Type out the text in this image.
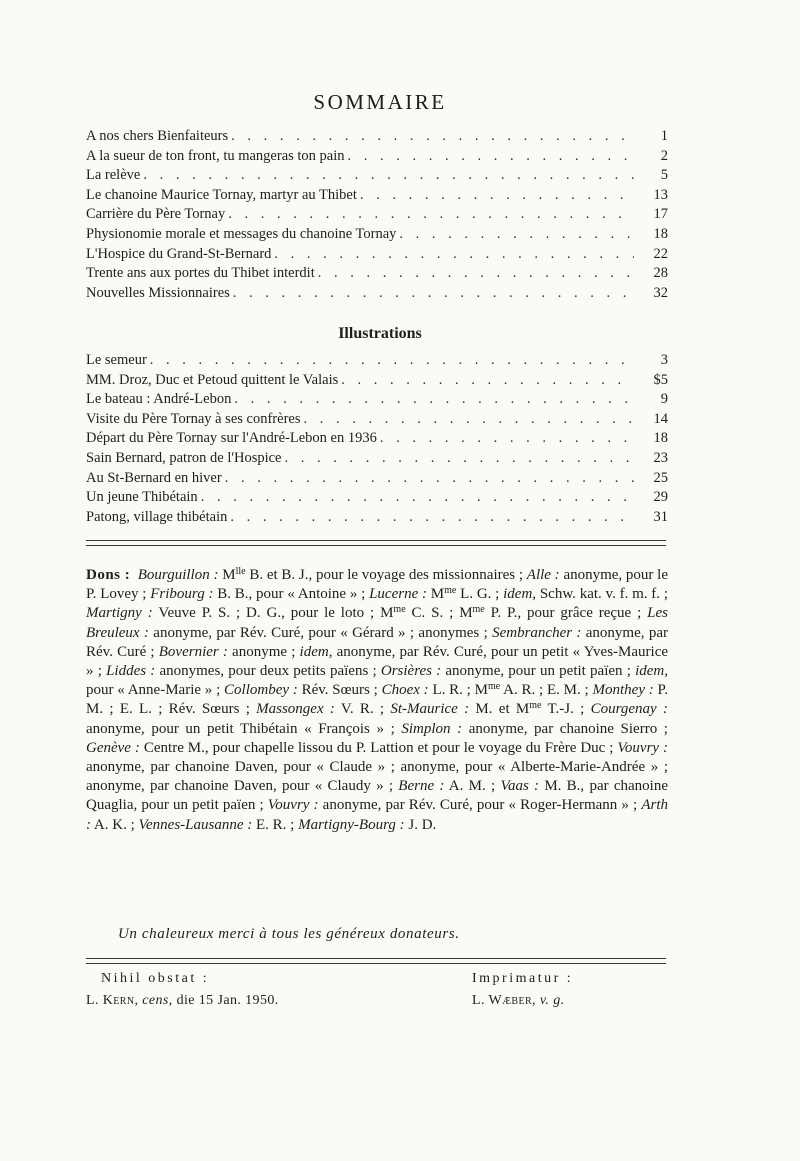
SOMMAIRE
A nos chers Bienfaiteurs . . .	1
A la sueur de ton front, tu mangeras ton pain . . .	2
La relève . . .	5
Le chanoine Maurice Tornay, martyr au Thibet . . .	13
Carrière du Père Tornay . . .	17
Physionomie morale et messages du chanoine Tornay . . .	18
L'Hospice du Grand-St-Bernard . . .	22
Trente ans aux portes du Thibet interdit . . .	28
Nouvelles Missionnaires . . .	32
Illustrations
Le semeur . . .	3
MM. Droz, Duc et Petoud quittent le Valais . . .	$5
Le bateau : André-Lebon . . .	9
Visite du Père Tornay à ses confrères . . .	14
Départ du Père Tornay sur l'André-Lebon en 1936 . . .	18
Sain Bernard, patron de l'Hospice . . .	23
Au St-Bernard en hiver . . .	25
Un jeune Thibétain . . .	29
Patong, village thibétain . . .	31

Dons : Bourguillon : $M^{lle}$ B. et B. J., pour le voyage des missionnaires ; Alle : anonyme, pour le P. Lovey ; Fribourg : B. B., pour « Antoine » ; Lucerne : $M^{me}$ L. G. ; idem, Schw. kat. v. f. m. f. ; Martigny : Veuve P. S. ; D. G., pour le loto ; $M^{me}$ C. S. ; $M^{me}$ P. P., pour grâce reçue ; Les Breuleux : anonyme, par Rév. Curé, pour « Gérard » ; anonymes ; Sembrancher : anonyme, par Rév. Curé ; Bovernier : anonyme ; idem, anonyme, par Rév. Curé, pour un petit « Yves-Maurice » ; Liddes : anonymes, pour deux petits païens ; Orsières : anonyme, pour un petit païen ; idem, pour « Anne-Marie » ; Collombey : Rév. Sœurs ; Choex : L. R. ; $M^{me}$ A. R. ; E. M. ; Monthey : P. M. ; E. L. ; Rév. Sœurs ; Massongex : V. R. ; St-Maurice : M. et $M^{me}$ T.-J. ; Courgenay : anonyme, pour un petit Thibétain « François » ; Simplon : anonyme, par chanoine Sierro ; Genève : Centre M., pour chapelle lissou du P. Lattion et pour le voyage du Frère Duc ; Vouvry : anonyme, par chanoine Daven, pour « Claude » ; anonyme, pour « Alberte-Marie-Andrée » ; anonyme, par chanoine Daven, pour « Claudy » ; Berne : A. M. ; Vaas : M. B., par chanoine Quaglia, pour un petit païen ; Vouvry : anonyme, par Rév. Curé, pour « Roger-Hermann » ; Arth : A. K. ; Vennes-Lausanne : E. R. ; Martigny-Bourg : J. D.

Un chaleureux merci à tous les généreux donateurs.
Nihil obstat :
L. Kern, cens, die 15 Jan. 1950.
Imprimatur :
L. Wæber, v. g.
